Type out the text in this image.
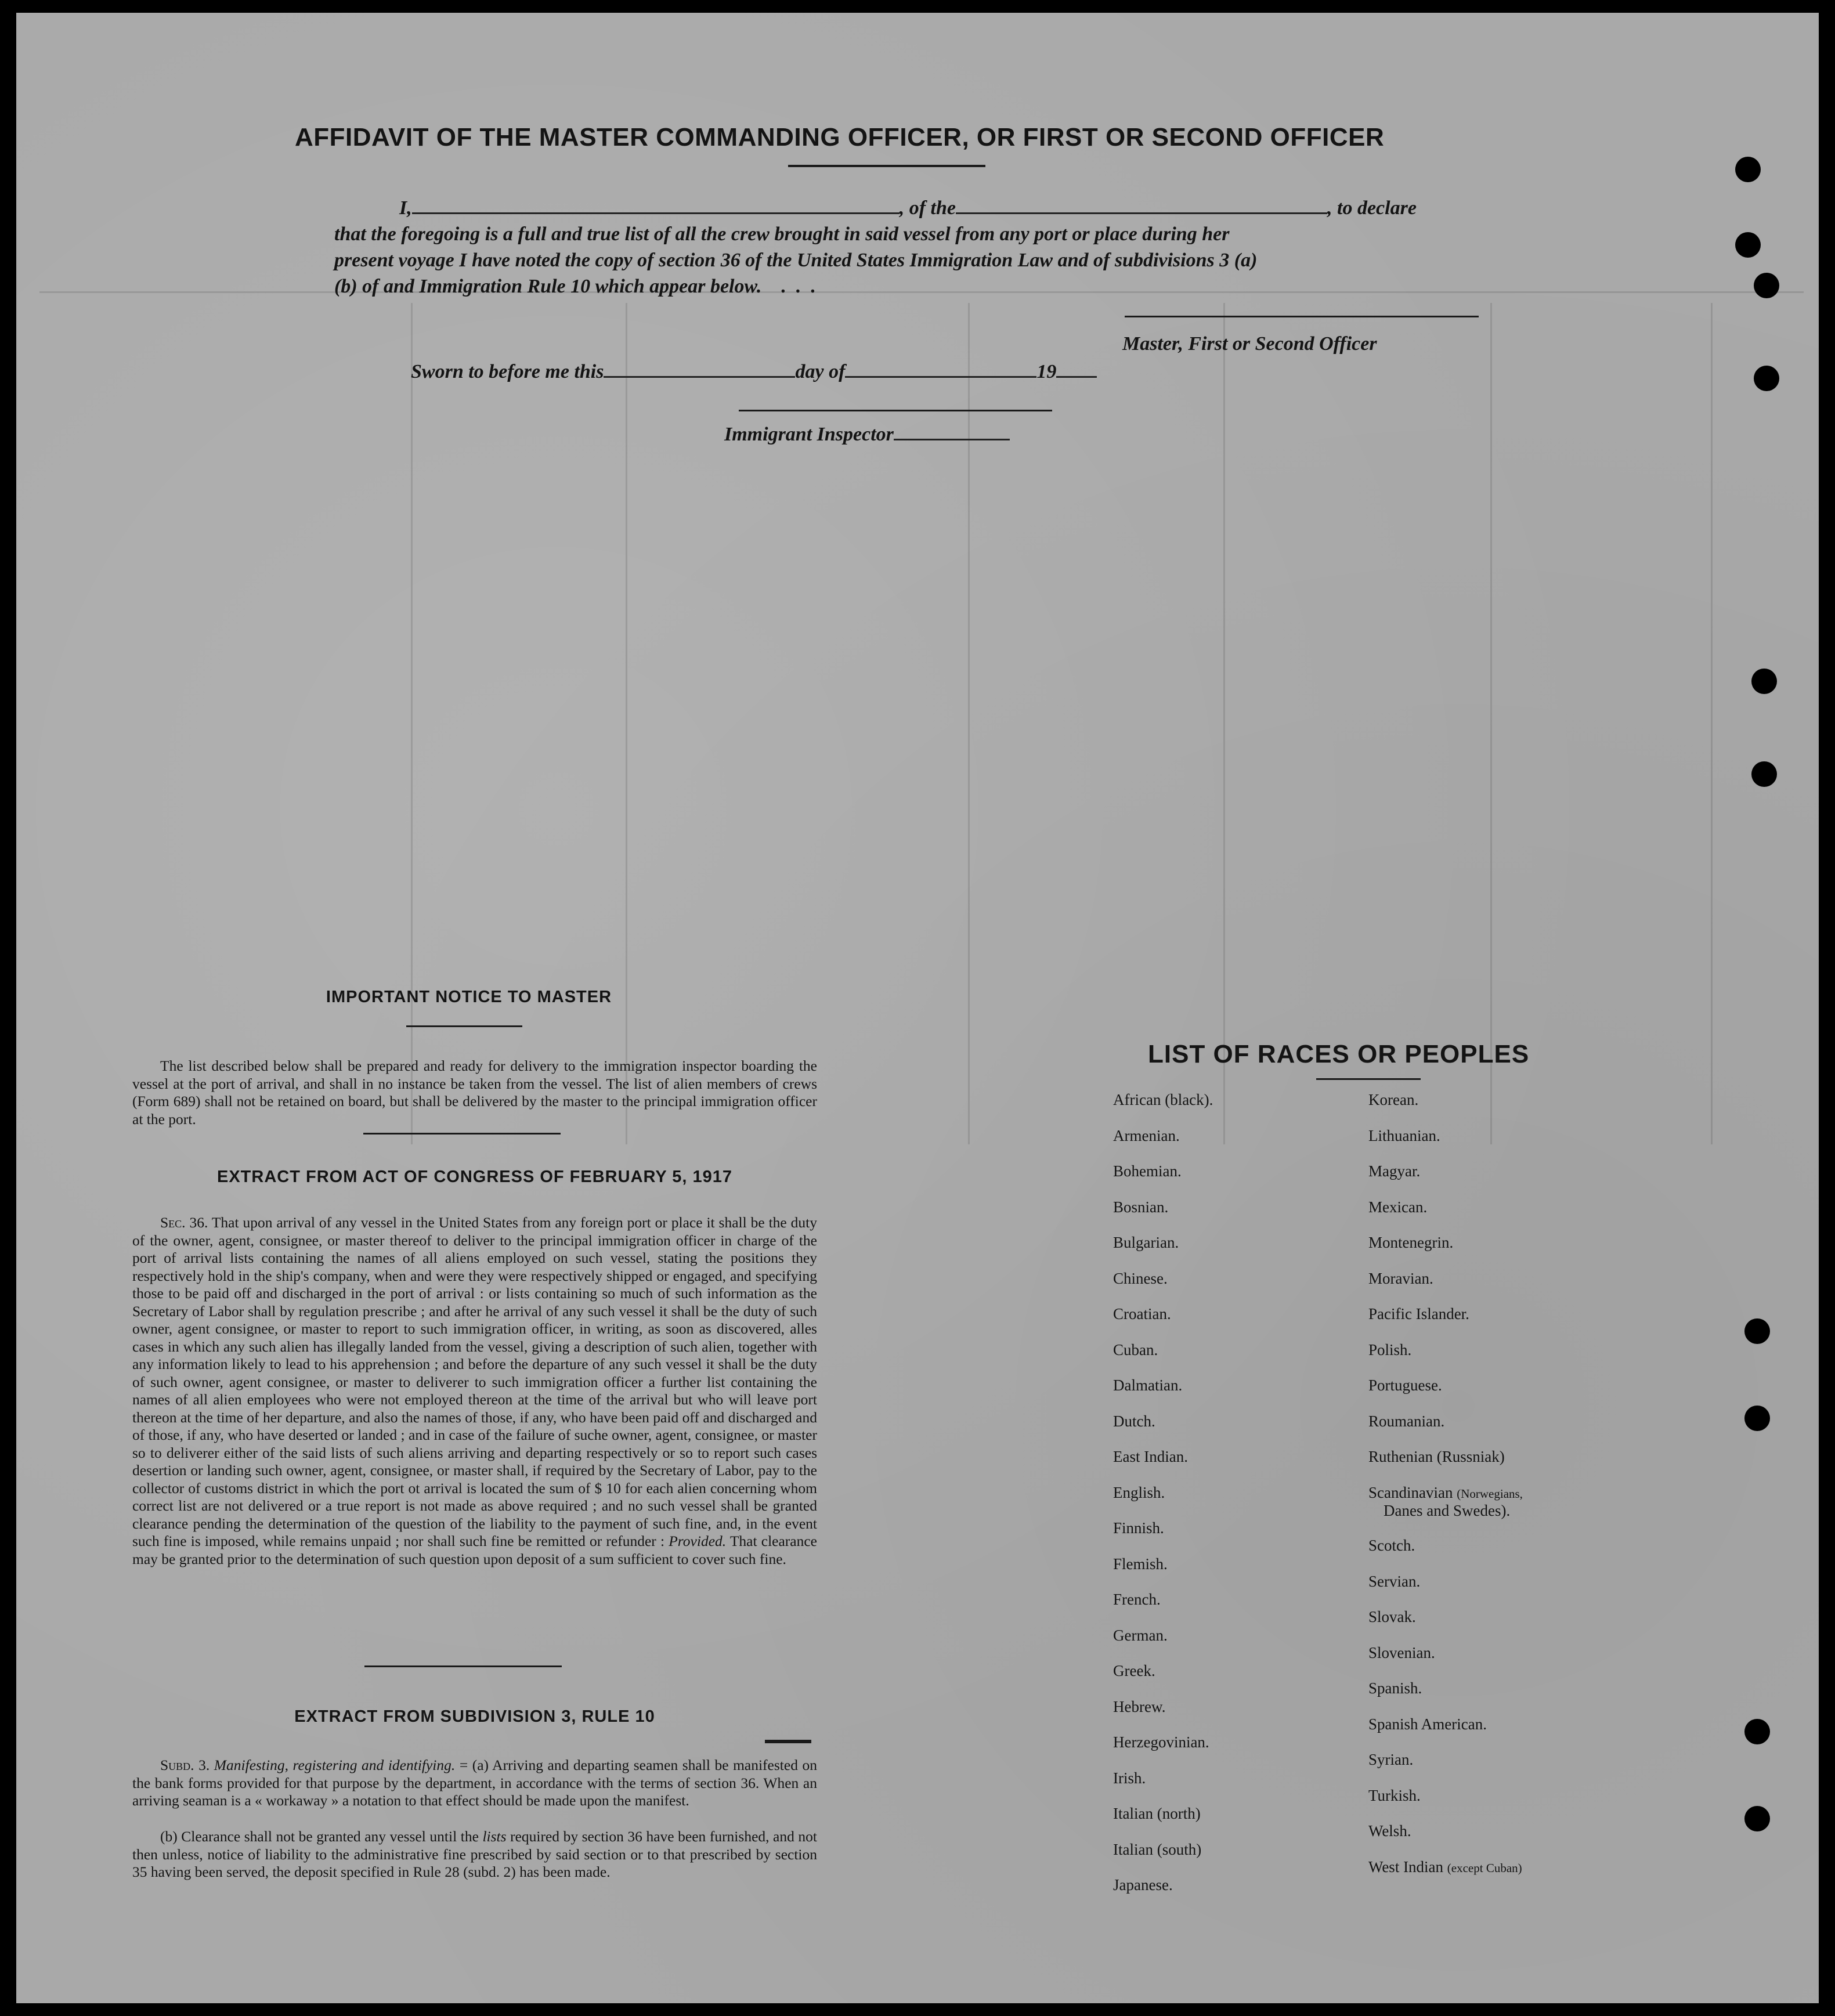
AFFIDAVIT OF THE MASTER COMMANDING OFFICER, OR FIRST OR SECOND OFFICER
I,	, of the	, to declare
that the foregoing is a full and true list of all the crew brought in said vessel from any port or place during her
present voyage I have noted the copy of section 36 of the United States Immigration Law and of subdivisions 3 (a)
(b) of and Immigration Rule 10 which appear below.    .  .  .
Master, First or Second Officer
Sworn to before me this	day of	19
Immigrant Inspector
IMPORTANT NOTICE TO MASTER
The list described below shall be prepared and ready for delivery to the immigration inspector boarding the vessel at the port of arrival, and shall in no instance be taken from the vessel. The list of alien members of crews (Form 689) shall not be retained on board, but shall be delivered by the master to the principal immigration officer at the port.
EXTRACT FROM ACT OF CONGRESS OF FEBRUARY 5, 1917
Sec. 36. That upon arrival of any vessel in the United States from any foreign port or place it shall be the duty of the owner, agent, consignee, or master thereof to deliver to the principal immigration officer in charge of the port of arrival lists containing the names of all aliens employed on such vessel, stating the positions they respectively hold in the ship's company, when and were they were respectively shipped or engaged, and specifying those to be paid off and discharged in the port of arrival : or lists containing so much of such information as the Secretary of Labor shall by regulation prescribe ; and after he arrival of any such vessel it shall be the duty of such owner, agent consignee, or master to report to such immigration officer, in writing, as soon as discovered, alles cases in which any such alien has illegally landed from the vessel, giving a description of such alien, together with any information likely to lead to his apprehension ; and before the departure of any such vessel it shall be the duty of such owner, agent consignee, or master to deliverer to such immigration officer a further list containing the names of all alien employees who were not employed thereon at the time of the arrival but who will leave port thereon at the time of her departure, and also the names of those, if any, who have been paid off and discharged and of those, if any, who have deserted or landed ; and in case of the failure of suche owner, agent, consignee, or master so to deliverer either of the said lists of such aliens arriving and departing respectively or so to report such cases desertion or landing such owner, agent, consignee, or master shall, if required by the Secretary of Labor, pay to the collector of customs district in which the port ot arrival is located the sum of $ 10 for each alien concerning whom correct list are not delivered or a true report is not made as above required ; and no such vessel shall be granted clearance pending the determination of the question of the liability to the payment of such fine, and, in the event such fine is imposed, while remains unpaid ; nor shall such fine be remitted or refunder : Provided. That clearance may be granted prior to the determination of such question upon deposit of a sum sufficient to cover such fine.
EXTRACT FROM SUBDIVISION 3, RULE 10
Subd. 3. Manifesting, registering and identifying. = (a) Arriving and departing seamen shall be manifested on the bank forms provided for that purpose by the department, in accordance with the terms of section 36. When an arriving seaman is a « workaway » a notation to that effect should be made upon the manifest.
(b) Clearance shall not be granted any vessel until the lists required by section 36 have been furnished, and not then unless, notice of liability to the administrative fine prescribed by said section or to that prescribed by section 35 having been served, the deposit specified in Rule 28 (subd. 2) has been made.
LIST OF RACES OR PEOPLES
African (black).
Armenian.
Bohemian.
Bosnian.
Bulgarian.
Chinese.
Croatian.
Cuban.
Dalmatian.
Dutch.
East Indian.
English.
Finnish.
Flemish.
French.
German.
Greek.
Hebrew.
Herzegovinian.
Irish.
Italian (north)
Italian (south)
Japanese.
Korean.
Lithuanian.
Magyar.
Mexican.
Montenegrin.
Moravian.
Pacific Islander.
Polish.
Portuguese.
Roumanian.
Ruthenian (Russniak)
Scandinavian (Norwegians,
Danes and Swedes).
Scotch.
Servian.
Slovak.
Slovenian.
Spanish.
Spanish American.
Syrian.
Turkish.
Welsh.
West Indian (except Cuban)
